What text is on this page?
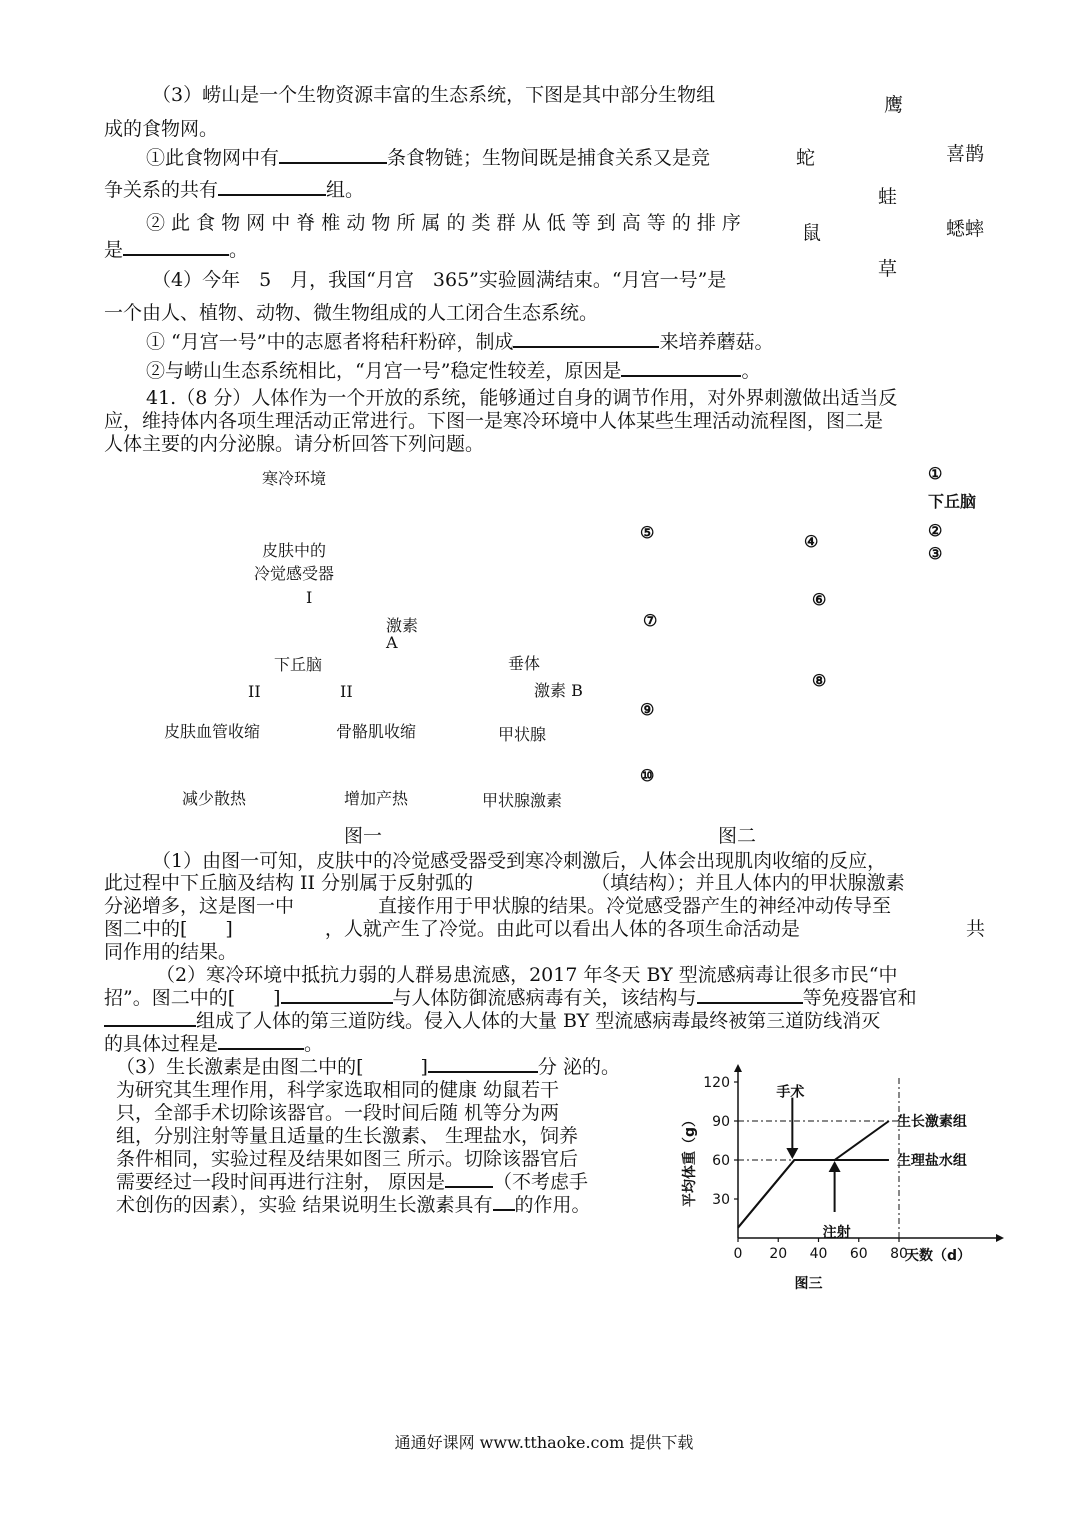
（3）崂山是一个生物资源丰富的生态系统，下图是其中部分生物组
成的食物网。
①此食物网中有	条食物链；生物间既是捕食关系又是竞
争关系的共有	组。
② 此 食 物 网 中 脊 椎 动 物 所 属 的 类 群 从 低 等 到 高 等 的 排 序
是	。
鹰
蛇	喜鹊
蛙
鼠	蟋蟀
草
（4）今年　5　月，我国“月宫　365”实验圆满结束。“月宫一号”是
一个由人、植物、动物、微生物组成的人工闭合生态系统。
① “月宫一号”中的志愿者将秸秆粉碎，制成	来培养蘑菇。
②与崂山生态系统相比，“月宫一号”稳定性较差，原因是	。
41.（8 分）人体作为一个开放的系统，能够通过自身的调节作用，对外界刺激做出适当反
应，维持体内各项生理活动正常进行。下图一是寒冷环境中人体某些生理活动流程图，图二是
人体主要的内分泌腺。请分析回答下列问题。
寒冷环境
皮肤中的
冷觉感受器
I
激素
A
下丘脑	垂体
II	II	激素 B
皮肤血管收缩	骨骼肌收缩	甲状腺
减少散热	增加产热	甲状腺激素
图一
①
下丘脑
②
③
④
⑤
⑥
⑦
⑧
⑨
⑩
图二
（1）由图一可知，皮肤中的冷觉感受器受到寒冷刺激后，人体会出现肌肉收缩的反应，
此过程中下丘脑及结构 II 分别属于反射弧的	（填结构）；并且人体内的甲状腺激素
分泌增多，这是图一中	直接作用于甲状腺的结果。冷觉感受器产生的神经冲动传导至
图二中的[　　]	，人就产生了冷觉。由此可以看出人体的各项生命活动是	共
同作用的结果。
（2）寒冷环境中抵抗力弱的人群易患流感，2017 年冬天 BY 型流感病毒让很多市民“中
招”。图二中的[　　]	与人体防御流感病毒有关，该结构与	等免疫器官和
组成了人体的第三道防线。侵入人体的大量 BY 型流感病毒最终被第三道防线消灭
的具体过程是	。
（3）生长激素是由图二中的[　　　]	分 泌的。
为研究其生理作用，科学家选取相同的健康 幼鼠若干
只，全部手术切除该器官。一段时间后随 机等分为两
组，分别注射等量且适量的生长激素、 生理盐水，饲养
条件相同，实验过程及结果如图三 所示。切除该器官后
需要经过一段时间再进行注射， 原因是	（不考虑手
术创伤的因素），实验 结果说明生长激素具有 的作用。	30
60
90
120
0 20 40 60 80
生长激素组
生理盐水组
手术
注射
平均体重（g）
天数（d）
图三
通通好课网 www.tthaoke.com 提供下载
